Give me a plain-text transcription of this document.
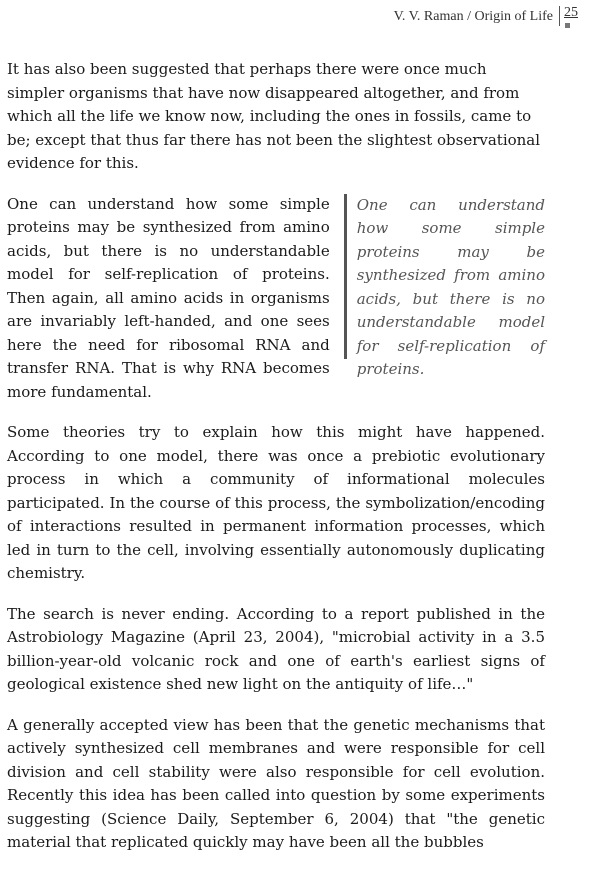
V. V. Raman / Origin of Life 25

It has also been suggested that perhaps there were once much simpler organisms that have now disappeared altogether, and from which all the life we know now, including the ones in fossils, came to be; except that thus far there has not been the slightest observational evidence for this.

One can understand how some simple proteins may be synthesized from amino acids, but there is no understandable model for self-replication of proteins. Then again, all amino acids in organisms are invariably left-handed, and one sees here the need for ribosomal RNA and transfer RNA. That is why RNA becomes more fundamental.

One can understand how some simple proteins may be synthesized from amino acids, but there is no understandable model for self-replication of proteins.

Some theories try to explain how this might have happened. According to one model, there was once a prebiotic evolutionary process in which a community of informational molecules participated. In the course of this process, the symbolization/encoding of interactions resulted in permanent information processes, which led in turn to the cell, involving essentially autonomously duplicating chemistry.

The search is never ending. According to a report published in the Astrobiology Magazine (April 23, 2004), "microbial activity in a 3.5 billion-year-old volcanic rock and one of earth's earliest signs of geological existence shed new light on the antiquity of life…"

A generally accepted view has been that the genetic mechanisms that actively synthesized cell membranes and were responsible for cell division and cell stability were also responsible for cell evolution. Recently this idea has been called into question by some experiments suggesting (Science Daily, September 6, 2004) that "the genetic material that replicated quickly may have been all the bubbles
